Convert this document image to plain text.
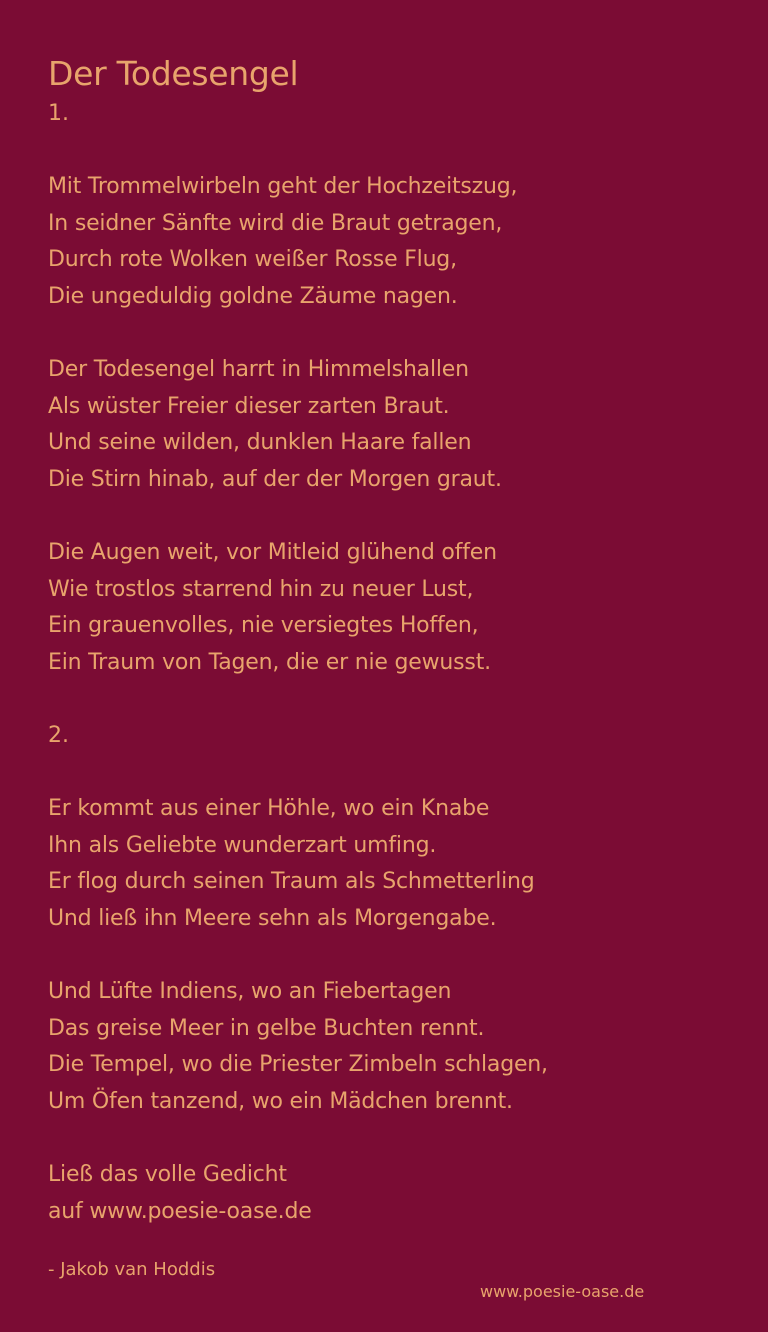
Der Todesengel
1.
Mit Trommelwirbeln geht der Hochzeitszug,
In seidner Sänfte wird die Braut getragen,
Durch rote Wolken weißer Rosse Flug,
Die ungeduldig goldne Zäume nagen.
Der Todesengel harrt in Himmelshallen
Als wüster Freier dieser zarten Braut.
Und seine wilden, dunklen Haare fallen
Die Stirn hinab, auf der der Morgen graut.
Die Augen weit, vor Mitleid glühend offen
Wie trostlos starrend hin zu neuer Lust,
Ein grauenvolles, nie versiegtes Hoffen,
Ein Traum von Tagen, die er nie gewusst.
2.
Er kommt aus einer Höhle, wo ein Knabe
Ihn als Geliebte wunderzart umfing.
Er flog durch seinen Traum als Schmetterling
Und ließ ihn Meere sehn als Morgengabe.
Und Lüfte Indiens, wo an Fiebertagen
Das greise Meer in gelbe Buchten rennt.
Die Tempel, wo die Priester Zimbeln schlagen,
Um Öfen tanzend, wo ein Mädchen brennt.
Ließ das volle Gedicht
auf www.poesie-oase.de
- Jakob van Hoddis
www.poesie-oase.de
